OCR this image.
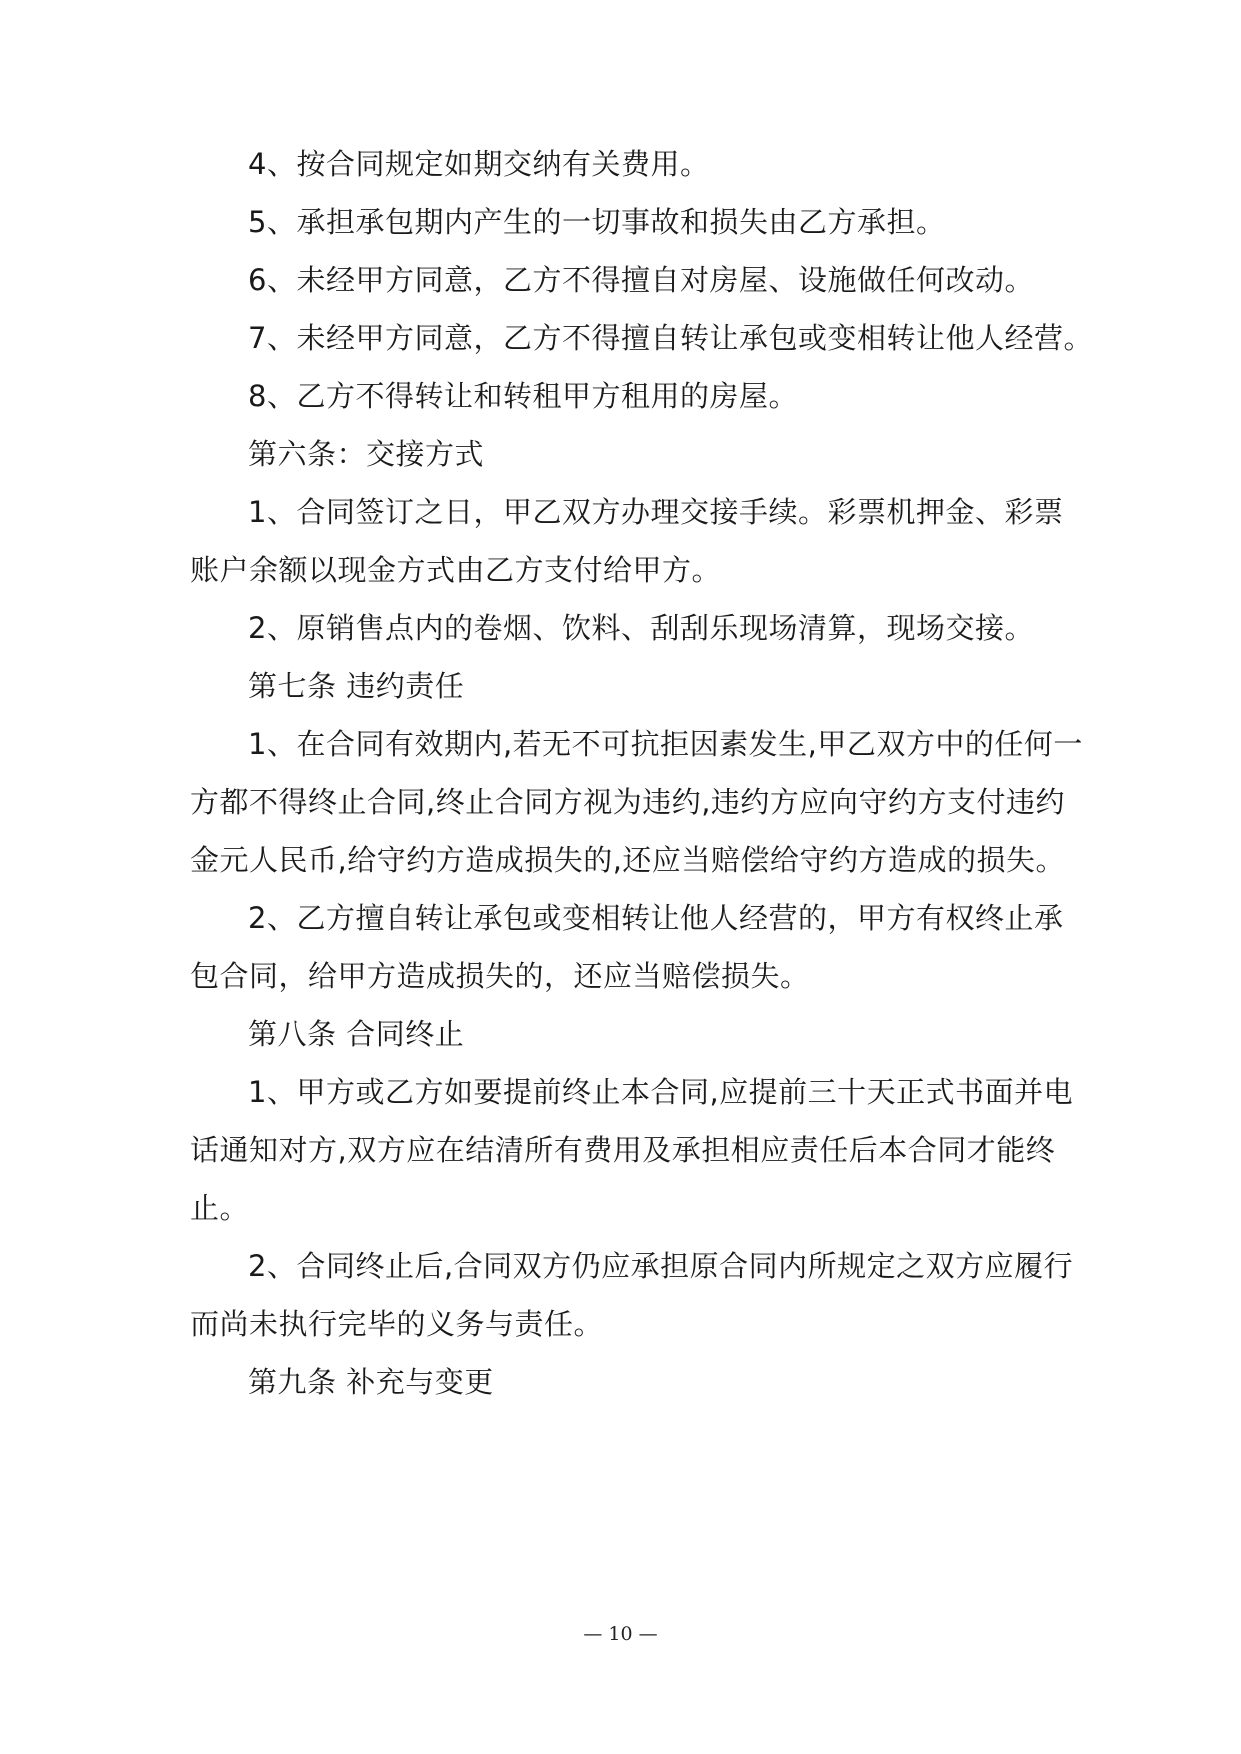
4、按合同规定如期交纳有关费用。
5、承担承包期内产生的一切事故和损失由乙方承担。
6、未经甲方同意，乙方不得擅自对房屋、设施做任何改动。
7、未经甲方同意，乙方不得擅自转让承包或变相转让他人经营。
8、乙方不得转让和转租甲方租用的房屋。
第六条：交接方式
1、合同签订之日，甲乙双方办理交接手续。彩票机押金、彩票
账户余额以现金方式由乙方支付给甲方。
2、原销售点内的卷烟、饮料、刮刮乐现场清算，现场交接。
第七条 违约责任
1、在合同有效期内,若无不可抗拒因素发生,甲乙双方中的任何一
方都不得终止合同,终止合同方视为违约,违约方应向守约方支付违约
金元人民币,给守约方造成损失的,还应当赔偿给守约方造成的损失。
2、乙方擅自转让承包或变相转让他人经营的，甲方有权终止承
包合同，给甲方造成损失的，还应当赔偿损失。
第八条 合同终止
1、甲方或乙方如要提前终止本合同,应提前三十天正式书面并电
话通知对方,双方应在结清所有费用及承担相应责任后本合同才能终
止。
2、合同终止后,合同双方仍应承担原合同内所规定之双方应履行
而尚未执行完毕的义务与责任。
第九条 补充与变更
— 10 —
